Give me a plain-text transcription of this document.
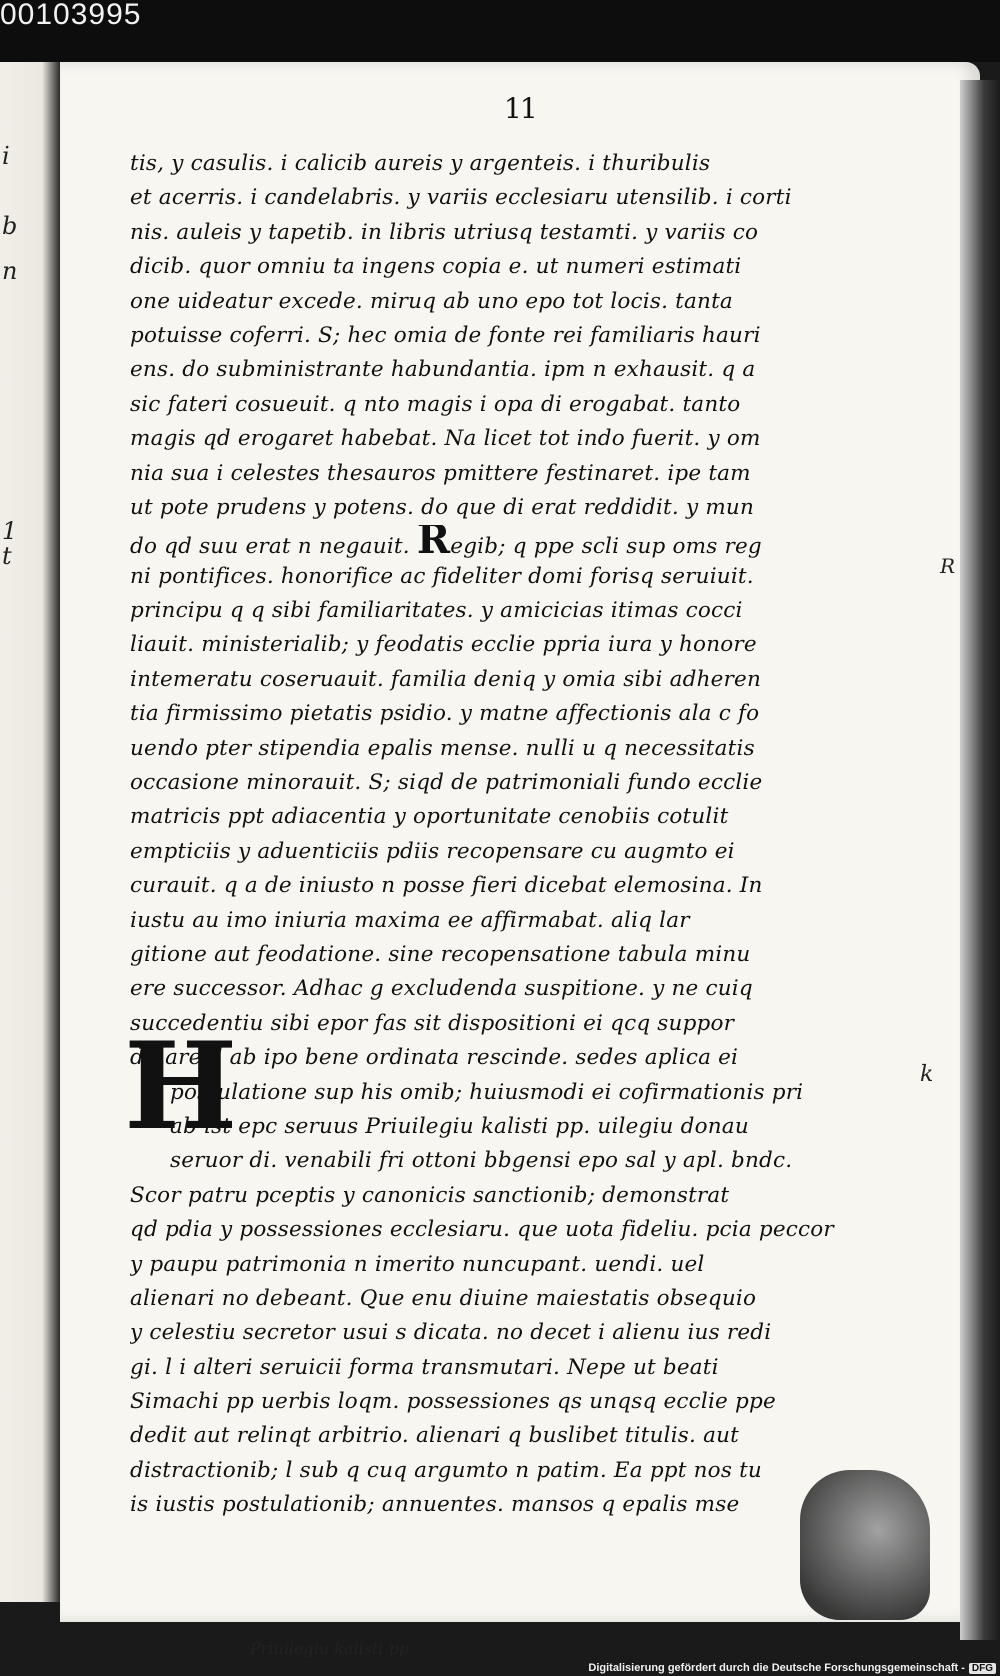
00103995
i
b
n
1
t
11
tis, y casulis. i calicib aureis y argenteis. i thuribulis
et acerris. i candelabris. y variis ecclesiaru utensilib. i corti
nis. auleis y tapetib. in libris utriusq testamti. y variis co
dicib. quor omniu ta ingens copia e. ut numeri estimati
one uideatur excede. miruq ab uno epo tot locis. tanta
potuisse coferri. S; hec omia de fonte rei familiaris hauri
ens. do subministrante habundantia. ipm n exhausit. q a
sic fateri cosueuit. q nto magis i opa di erogabat. tanto
magis qd erogaret habebat. Na licet tot indo fuerit. y om
nia sua i celestes thesauros pmittere festinaret. ipe tam
ut pote prudens y potens. do que di erat reddidit. y mun
do qd suu erat n negauit. Regib; q ppe scli sup oms reg
ni pontifices. honorifice ac fideliter domi forisq seruiuit.
principu q q sibi familiaritates. y amicicias itimas cocci
liauit. ministerialib; y feodatis ecclie ppria iura y honore
intemeratu coseruauit. familia deniq y omia sibi adheren
tia firmissimo pietatis psidio. y matne affectionis ala c fo
uendo pter stipendia epalis mense. nulli u q necessitatis
occasione minorauit. S; siqd de patrimoniali fundo ecclie
matricis ppt adiacentia y oportunitate cenobiis cotulit
empticiis y aduenticiis pdiis recopensare cu augmto ei
curauit. q a de iniusto n posse fieri dicebat elemosina. In
iustu au imo iniuria maxima ee affirmabat. aliq lar
gitione aut feodatione. sine recopensatione tabula minu
ere successor. Adhac g excludenda suspitione. y ne cuiq
succedentiu sibi epor fas sit dispositioni ei qcq suppor
dinare. l ab ipo bene ordinata rescinde. sedes aplica ei
postulatione sup his omib; huiusmodi ei cofirmationis pri
ab ist epc seruus Priuilegiu kalisti pp. uilegiu donau
seruor di. venabili fri ottoni bbgensi epo sal y apl. bndc.
Scor patru pceptis y canonicis sanctionib; demonstrat
qd pdia y possessiones ecclesiaru. que uota fideliu. pcia peccor
y paupu patrimonia n imerito nuncupant. uendi. uel
alienari no debeant. Que enu diuine maiestatis obsequio
y celestiu secretor usui s dicata. no decet i alienu ius redi
gi. l i alteri seruicii forma transmutari. Nepe ut beati
Simachi pp uerbis loqm. possessiones qs unqsq ecclie ppe
dedit aut relinqt arbitrio. alienari q buslibet titulis. aut
distractionib; l sub q cuq argumto n patim. Ea ppt nos tu
is iustis postulationib; annuentes. mansos q epalis mse
H
R
k
Priuilegiu kalisti pp
Digitalisierung gefördert durch die Deutsche Forschungsgemeinschaft - DFG
